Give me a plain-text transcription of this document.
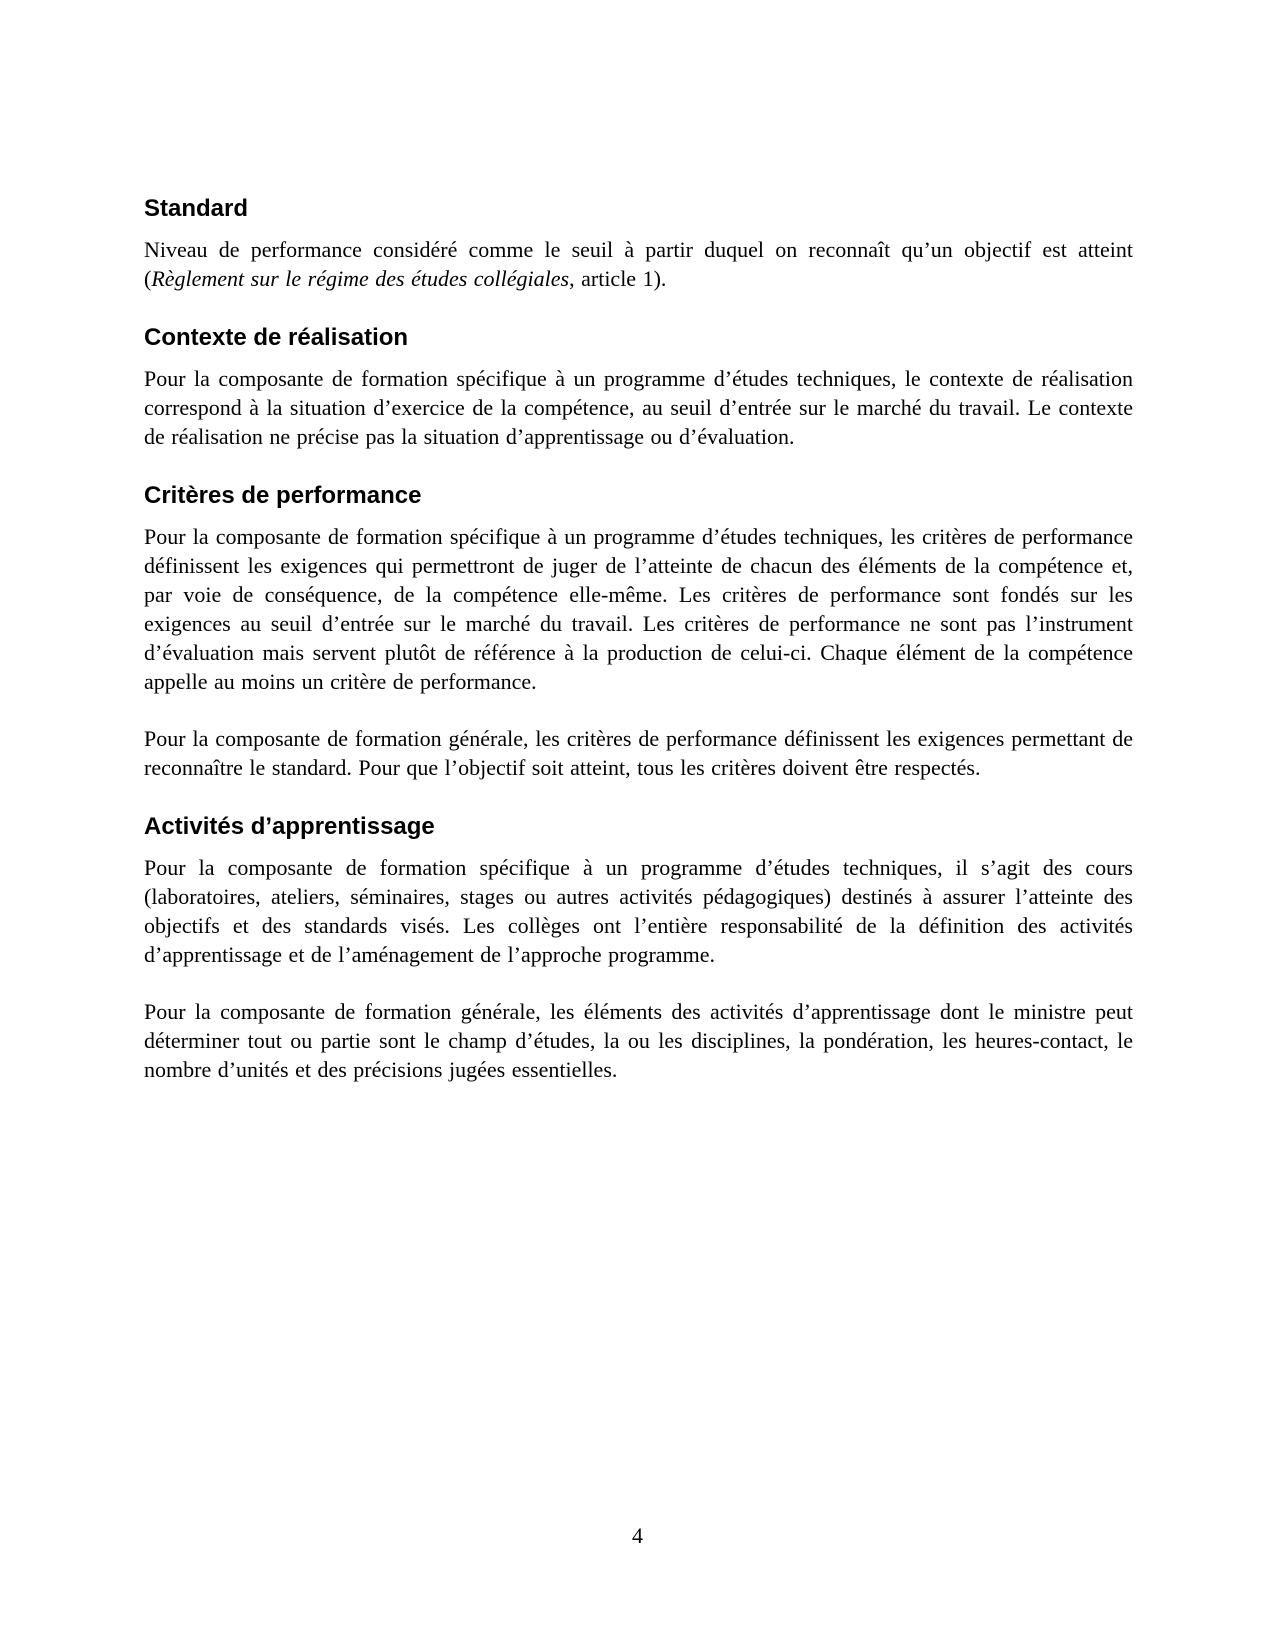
Standard

Niveau de performance considéré comme le seuil à partir duquel on reconnaît qu’un objectif est atteint (Règlement sur le régime des études collégiales, article 1).

Contexte de réalisation

Pour la composante de formation spécifique à un programme d’études techniques, le contexte de réalisation correspond à la situation d’exercice de la compétence, au seuil d’entrée sur le marché du travail. Le contexte de réalisation ne précise pas la situation d’apprentissage ou d’évaluation.

Critères de performance

Pour la composante de formation spécifique à un programme d’études techniques, les critères de performance définissent les exigences qui permettront de juger de l’atteinte de chacun des éléments de la compétence et, par voie de conséquence, de la compétence elle-même. Les critères de performance sont fondés sur les exigences au seuil d’entrée sur le marché du travail. Les critères de performance ne sont pas l’instrument d’évaluation mais servent plutôt de référence à la production de celui-ci. Chaque élément de la compétence appelle au moins un critère de performance.

Pour la composante de formation générale, les critères de performance définissent les exigences permettant de reconnaître le standard. Pour que l’objectif soit atteint, tous les critères doivent être respectés.

Activités d’apprentissage

Pour la composante de formation spécifique à un programme d’études techniques, il s’agit des cours (laboratoires, ateliers, séminaires, stages ou autres activités pédagogiques) destinés à assurer l’atteinte des objectifs et des standards visés. Les collèges ont l’entière responsabilité de la définition des activités d’apprentissage et de l’aménagement de l’approche programme.

Pour la composante de formation générale, les éléments des activités d’apprentissage dont le ministre peut déterminer tout ou partie sont le champ d’études, la ou les disciplines, la pondération, les heures-contact, le nombre d’unités et des précisions jugées essentielles.

4
